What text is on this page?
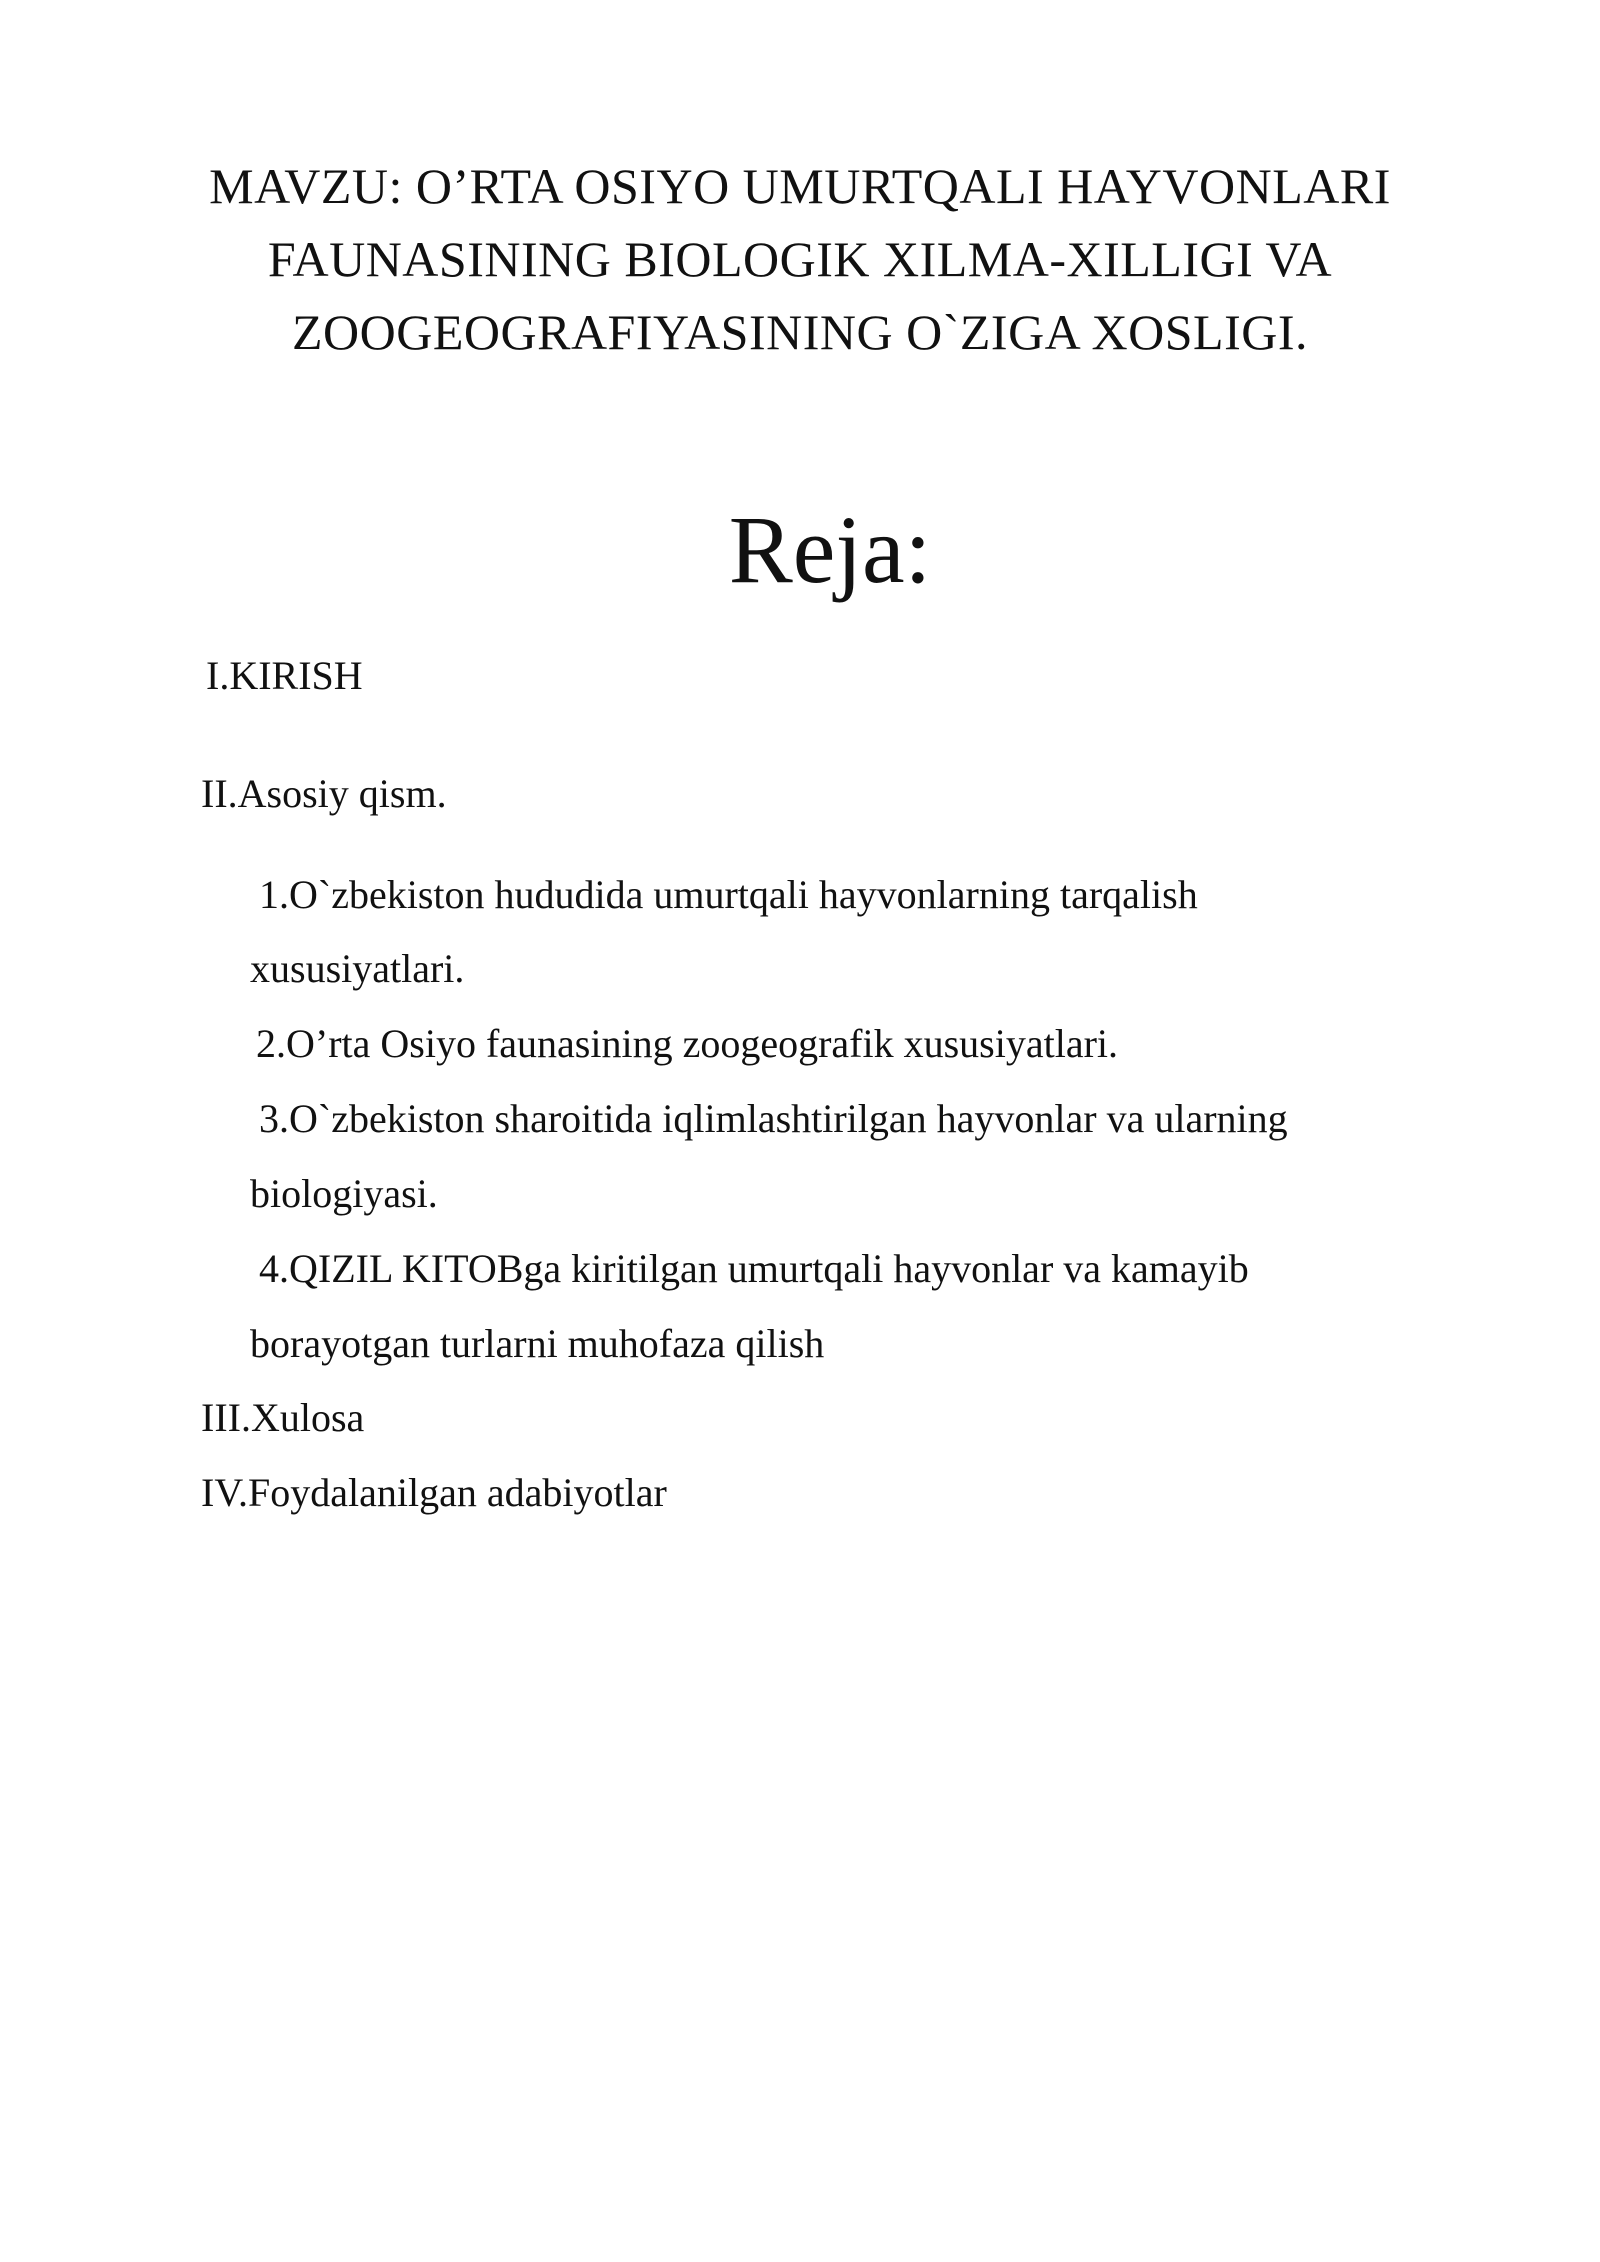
MAVZU: O’RTA OSIYO UMURTQALI HAYVONLARI
FAUNASINING BIOLOGIK XILMA-XILLIGI VA
ZOOGEOGRAFIYASINING O`ZIGA XOSLIGI.
Reja:
I.KIRISH
II.Asosiy qism.
1.O`zbekiston hududida umurtqali hayvonlarning tarqalish
xususiyatlari.
2.O’rta Osiyo faunasining zoogeografik xususiyatlari.
3.O`zbekiston sharoitida iqlimlashtirilgan hayvonlar va ularning
biologiyasi.
4.QIZIL KITOBga kiritilgan umurtqali hayvonlar va kamayib
borayotgan turlarni muhofaza qilish
III.Xulosa
IV.Foydalanilgan adabiyotlar
